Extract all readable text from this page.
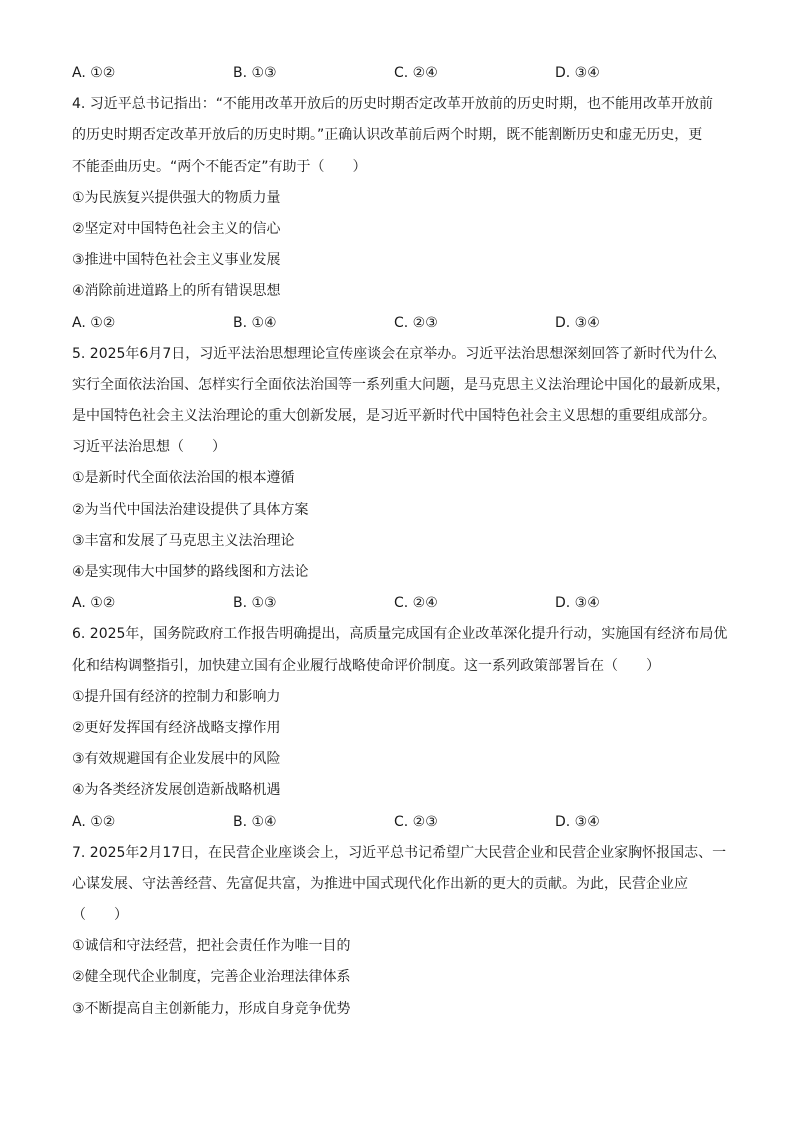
A. ①②	B. ①③	C. ②④	D. ③④
4. 习近平总书记指出：“不能用改革开放后的历史时期否定改革开放前的历史时期，也不能用改革开放前
的历史时期否定改革开放后的历史时期。”正确认识改革前后两个时期，既不能割断历史和虚无历史，更
不能歪曲历史。“两个不能否定”有助于（　　）
①为民族复兴提供强大的物质力量
②坚定对中国特色社会主义的信心
③推进中国特色社会主义事业发展
④消除前进道路上的所有错误思想
A. ①②	B. ①④	C. ②③	D. ③④
5. 2025年6月7日，习近平法治思想理论宣传座谈会在京举办。习近平法治思想深刻回答了新时代为什么
实行全面依法治国、怎样实行全面依法治国等一系列重大问题，是马克思主义法治理论中国化的最新成果，
是中国特色社会主义法治理论的重大创新发展，是习近平新时代中国特色社会主义思想的重要组成部分。
习近平法治思想（　　）
①是新时代全面依法治国的根本遵循
②为当代中国法治建设提供了具体方案
③丰富和发展了马克思主义法治理论
④是实现伟大中国梦的路线图和方法论
A. ①②	B. ①③	C. ②④	D. ③④
6. 2025年，国务院政府工作报告明确提出，高质量完成国有企业改革深化提升行动，实施国有经济布局优
化和结构调整指引，加快建立国有企业履行战略使命评价制度。这一系列政策部署旨在（　　）
①提升国有经济的控制力和影响力
②更好发挥国有经济战略支撑作用
③有效规避国有企业发展中的风险
④为各类经济发展创造新战略机遇
A. ①②	B. ①④	C. ②③	D. ③④
7. 2025年2月17日，在民营企业座谈会上，习近平总书记希望广大民营企业和民营企业家胸怀报国志、一
心谋发展、守法善经营、先富促共富，为推进中国式现代化作出新的更大的贡献。为此，民营企业应
（　　）
①诚信和守法经营，把社会责任作为唯一目的
②健全现代企业制度，完善企业治理法律体系
③不断提高自主创新能力，形成自身竞争优势
